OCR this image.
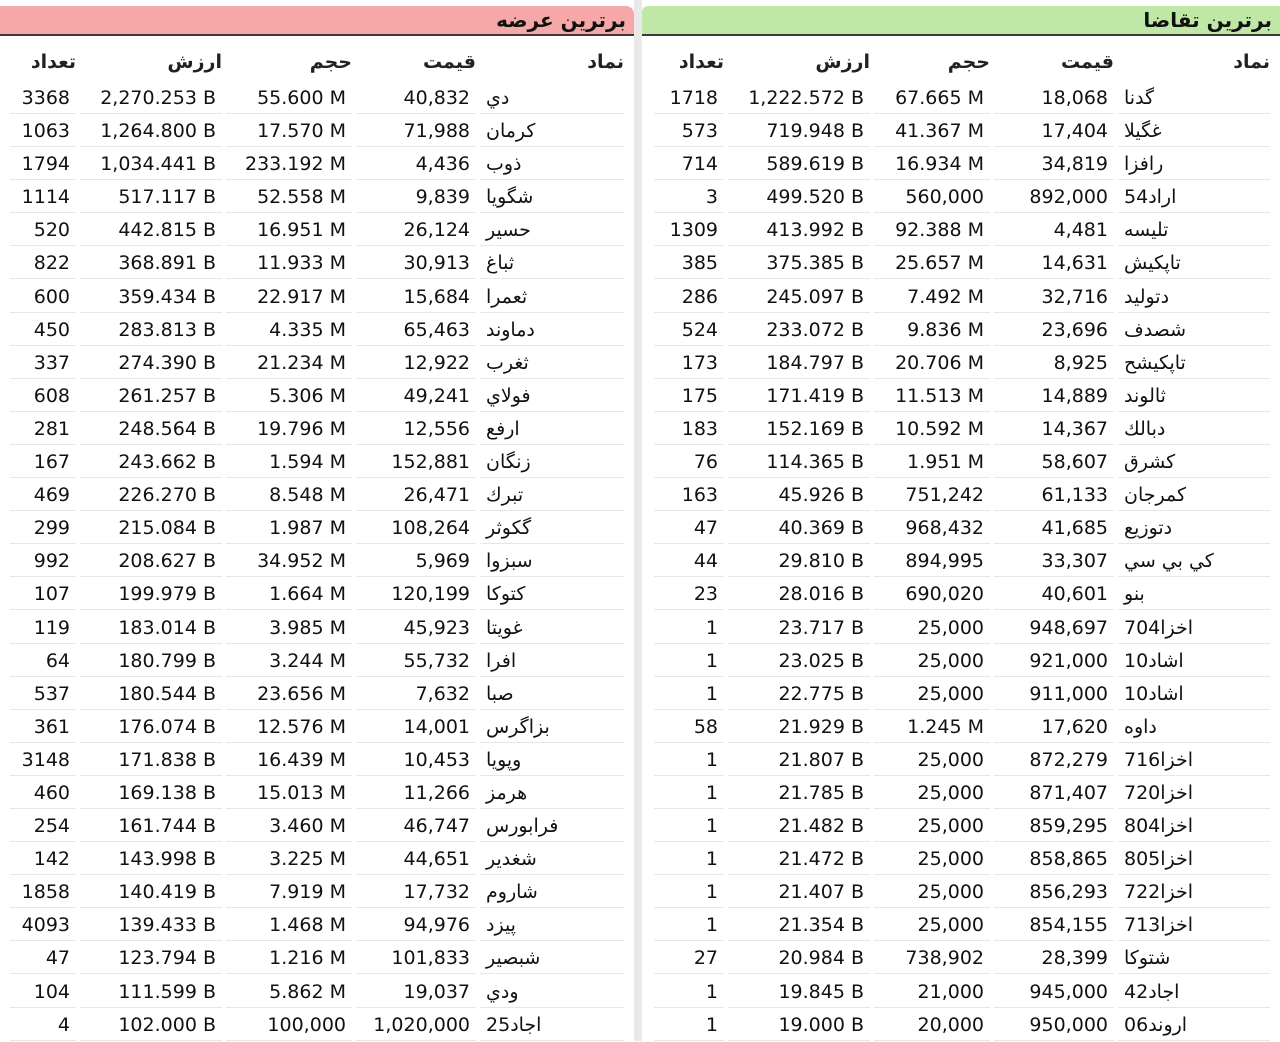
برترین عرضه
تعداد	ارزش	حجم	قیمت	نماد
3368	2,270.253 B	55.600 M	40,832 دي
1063	1,264.800 B	17.570 M	71,988 كرمان
1794	1,034.441 B	233.192 M	4,436 ذوب
1114	517.117 B	52.558 M	9,839 شگويا
520	442.815 B	16.951 M	26,124 حسير
822	368.891 B	11.933 M	30,913 ثباغ
600	359.434 B	22.917 M	15,684 ثعمرا
450	283.813 B	4.335 M	65,463 دماوند
337	274.390 B	21.234 M	12,922 ثغرب
608	261.257 B	5.306 M	49,241 فولاي
281	248.564 B	19.796 M	12,556 ارفع
167	243.662 B	1.594 M	152,881 زنگان
469	226.270 B	8.548 M	26,471 تبرك
299	215.084 B	1.987 M	108,264 گكوثر
992	208.627 B	34.952 M	5,969 سبزوا
107	199.979 B	1.664 M	120,199 كتوكا
119	183.014 B	3.985 M	45,923 غويتا
64	180.799 B	3.244 M	55,732 افرا
537	180.544 B	23.656 M	7,632 صبا
361	176.074 B	12.576 M	14,001 بزاگرس
3148	171.838 B	16.439 M	10,453 وپويا
460	169.138 B	15.013 M	11,266 هرمز
254	161.744 B	3.460 M	46,747 فرابورس
142	143.998 B	3.225 M	44,651 شغدير
1858	140.419 B	7.919 M	17,732 شاروم
4093	139.433 B	1.468 M	94,976 پيزد
47	123.794 B	1.216 M	101,833 شبصير
104	111.599 B	5.862 M	19,037 ودي
4	102.000 B	100,000	1,020,000 اجاد25
برترین تقاضا
تعداد	ارزش	حجم	قیمت	نماد
1718	1,222.572 B	67.665 M	18,068 گدنا
573	719.948 B	41.367 M	17,404 غگيلا
714	589.619 B	16.934 M	34,819 رافزا
3	499.520 B	560,000	892,000 اراد54
1309	413.992 B	92.388 M	4,481 تليسه
385	375.385 B	25.657 M	14,631 تاپكيش
286	245.097 B	7.492 M	32,716 دتوليد
524	233.072 B	9.836 M	23,696 شصدف
173	184.797 B	20.706 M	8,925 تاپكيشح
175	171.419 B	11.513 M	14,889 ثالوند
183	152.169 B	10.592 M	14,367 دبالك
76	114.365 B	1.951 M	58,607 كشرق
163	45.926 B	751,242	61,133 كمرجان
47	40.369 B	968,432	41,685 دتوزيع
44	29.810 B	894,995	33,307 كي بي سي
23	28.016 B	690,020	40,601 بنو
1	23.717 B	25,000	948,697 اخزا704
1	23.025 B	25,000	921,000 اشاد10
1	22.775 B	25,000	911,000 اشاد10
58	21.929 B	1.245 M	17,620 داوه
1	21.807 B	25,000	872,279 اخزا716
1	21.785 B	25,000	871,407 اخزا720
1	21.482 B	25,000	859,295 اخزا804
1	21.472 B	25,000	858,865 اخزا805
1	21.407 B	25,000	856,293 اخزا722
1	21.354 B	25,000	854,155 اخزا713
27	20.984 B	738,902	28,399 شتوكا
1	19.845 B	21,000	945,000 اجاد42
1	19.000 B	20,000	950,000 اروند06
